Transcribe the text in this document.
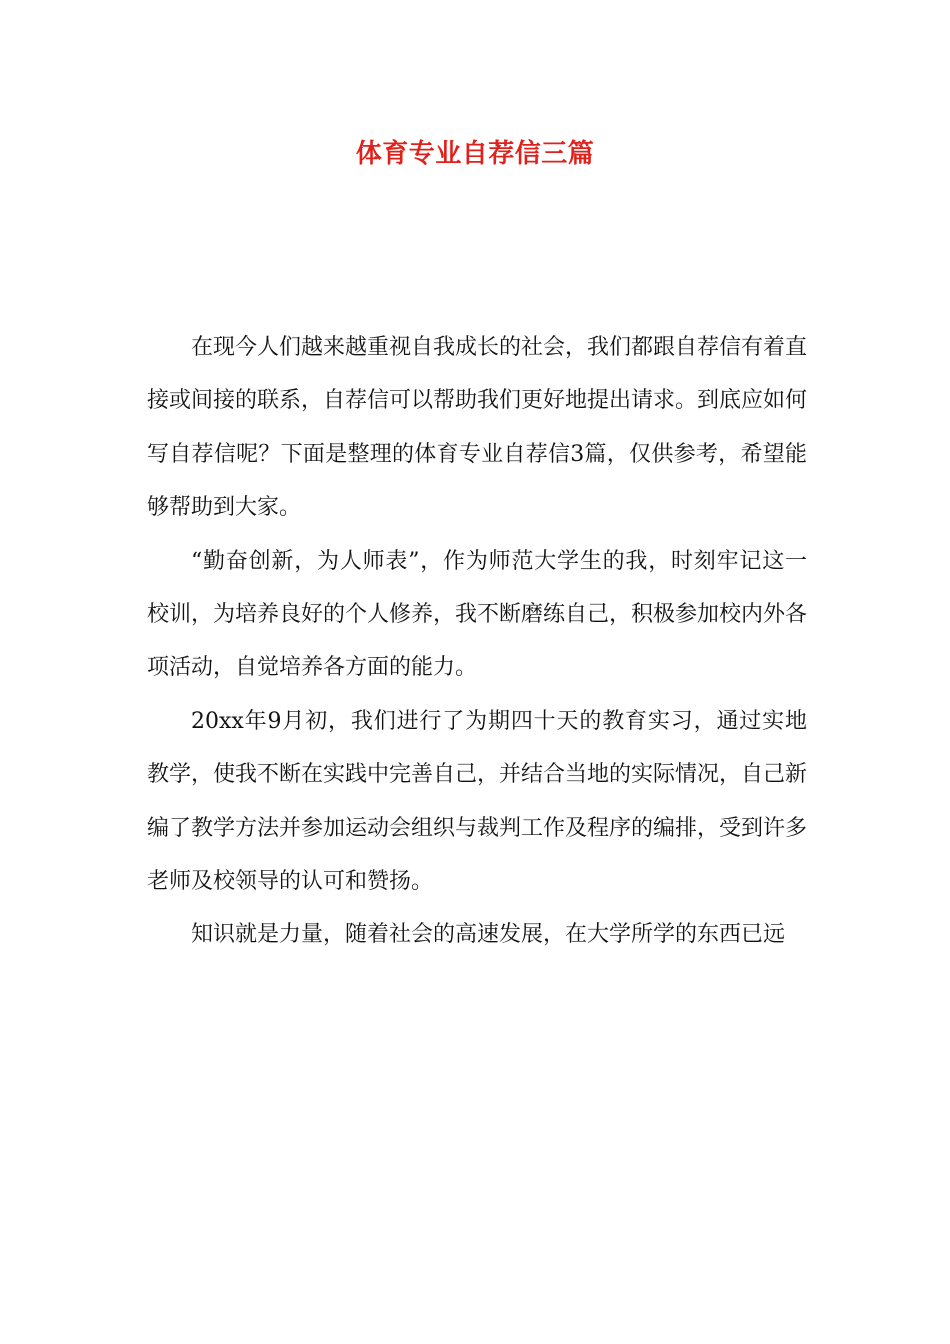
体育专业自荐信三篇

在现今人们越来越重视自我成长的社会，我们都跟自荐信有着直接或间接的联系，自荐信可以帮助我们更好地提出请求。到底应如何写自荐信呢？下面是整理的体育专业自荐信3篇，仅供参考，希望能够帮助到大家。

“勤奋创新，为人师表”，作为师范大学生的我，时刻牢记这一校训，为培养良好的个人修养，我不断磨练自己，积极参加校内外各项活动，自觉培养各方面的能力。

20xx年9月初，我们进行了为期四十天的教育实习，通过实地教学，使我不断在实践中完善自己，并结合当地的实际情况，自己新编了教学方法并参加运动会组织与裁判工作及程序的编排，受到许多老师及校领导的认可和赞扬。

知识就是力量，随着社会的高速发展，在大学所学的东西已远
